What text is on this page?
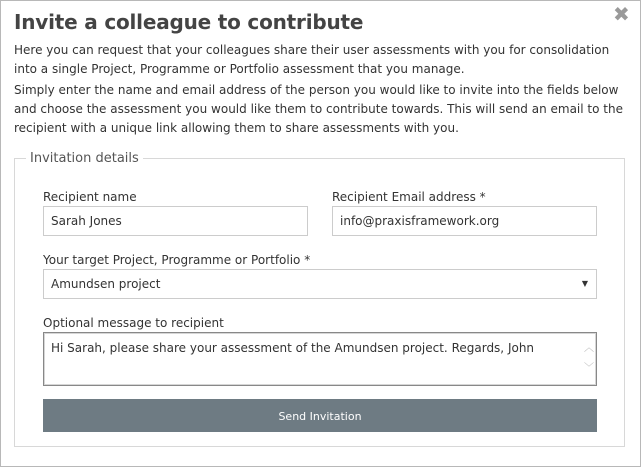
Invite a colleague to contribute	✖
Here you can request that your colleagues share their user assessments with you for consolidation into a single Project, Programme or Portfolio assessment that you manage.
Simply enter the name and email address of the person you would like to invite into the fields below and choose the assessment you would like them to contribute towards. This will send an email to the recipient with a unique link allowing them to share assessments with you.
Invitation details
Recipient name
Sarah Jones
Recipient Email address *
info@praxisframework.org
Your target Project, Programme or Portfolio *
Amundsen project	▼
Optional message to recipient
Hi Sarah, please share your assessment of the Amundsen project. Regards, John	︿
﹀
Send Invitation
